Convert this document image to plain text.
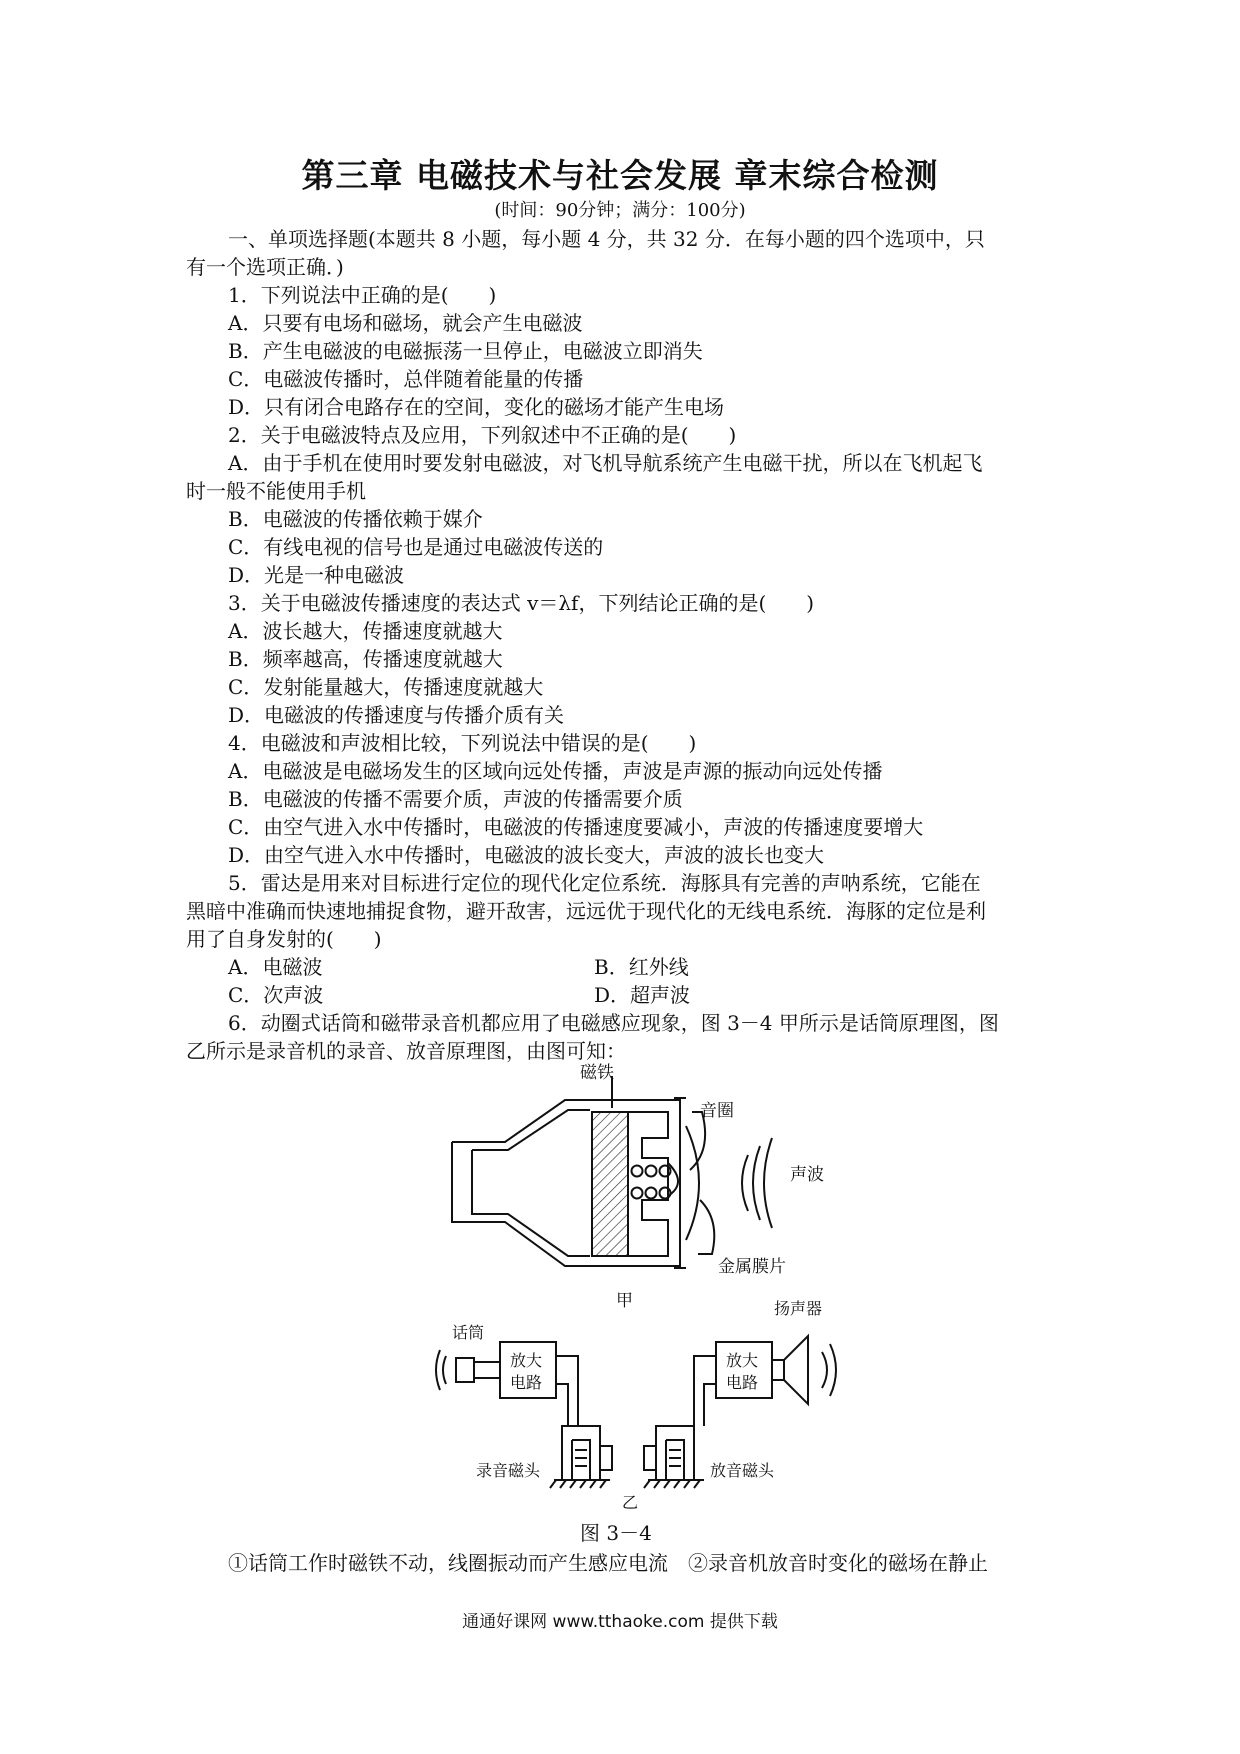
第三章 电磁技术与社会发展 章末综合检测
(时间：90分钟；满分：100分)
一、单项选择题(本题共 8 小题，每小题 4 分，共 32 分．在每小题的四个选项中，只
有一个选项正确．)
1．下列说法中正确的是(　　)
A．只要有电场和磁场，就会产生电磁波
B．产生电磁波的电磁振荡一旦停止，电磁波立即消失
C．电磁波传播时，总伴随着能量的传播
D．只有闭合电路存在的空间，变化的磁场才能产生电场
2．关于电磁波特点及应用，下列叙述中不正确的是(　　)
A．由于手机在使用时要发射电磁波，对飞机导航系统产生电磁干扰，所以在飞机起飞
时一般不能使用手机
B．电磁波的传播依赖于媒介
C．有线电视的信号也是通过电磁波传送的
D．光是一种电磁波
3．关于电磁波传播速度的表达式 v＝λf，下列结论正确的是(　　)
A．波长越大，传播速度就越大
B．频率越高，传播速度就越大
C．发射能量越大，传播速度就越大
D．电磁波的传播速度与传播介质有关
4．电磁波和声波相比较，下列说法中错误的是(　　)
A．电磁波是电磁场发生的区域向远处传播，声波是声源的振动向远处传播
B．电磁波的传播不需要介质，声波的传播需要介质
C．由空气进入水中传播时，电磁波的传播速度要减小，声波的传播速度要增大
D．由空气进入水中传播时，电磁波的波长变大，声波的波长也变大
5．雷达是用来对目标进行定位的现代化定位系统．海豚具有完善的声呐系统，它能在
黑暗中准确而快速地捕捉食物，避开敌害，远远优于现代化的无线电系统．海豚的定位是利
用了自身发射的(　　)
A．电磁波	B．红外线
C．次声波	D．超声波
6．动圈式话筒和磁带录音机都应用了电磁感应现象，图 3－4 甲所示是话筒原理图，图
乙所示是录音机的录音、放音原理图，由图可知：
磁铁
音圈
声波
金属膜片
甲
话筒
扬声器
放大
电路
放大
电路
录音磁头	放音磁头
乙
图 3－4
①话筒工作时磁铁不动，线圈振动而产生感应电流　②录音机放音时变化的磁场在静止
通通好课网 www.tthaoke.com 提供下载
